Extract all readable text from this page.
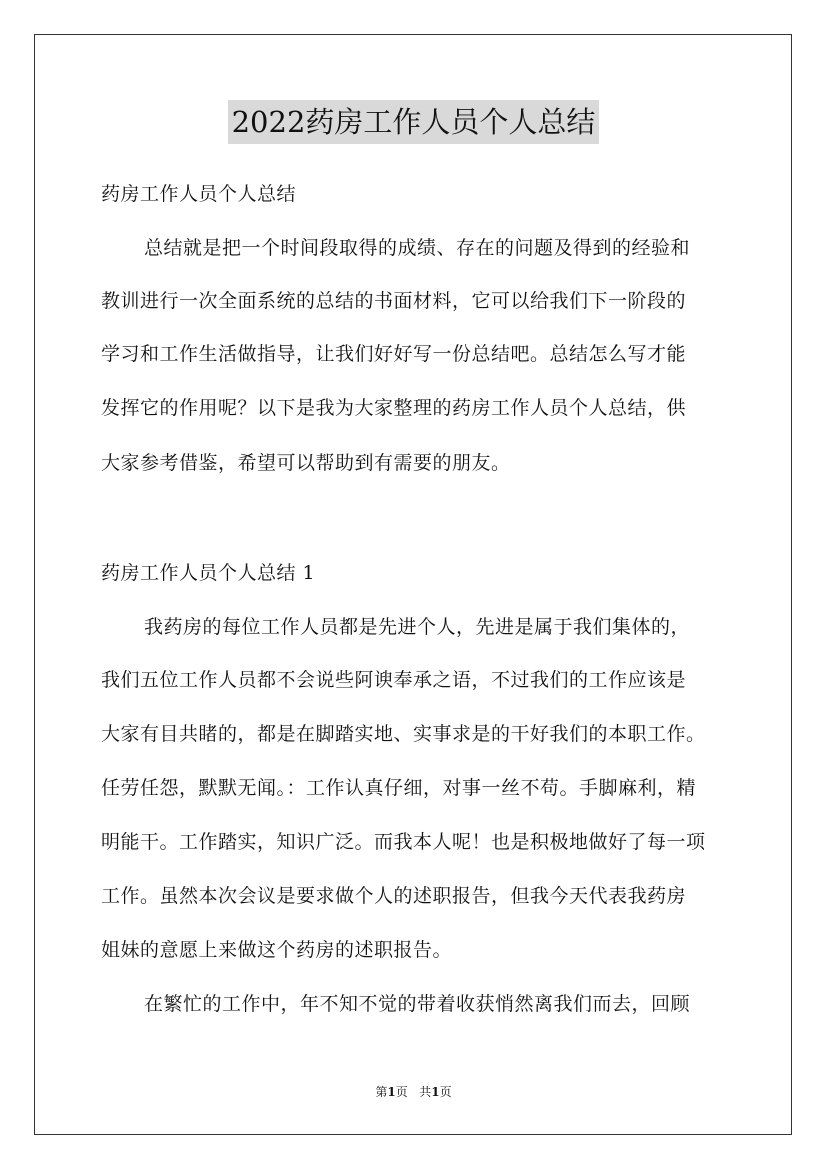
2022药房工作人员个人总结
药房工作人员个人总结
总结就是把一个时间段取得的成绩、存在的问题及得到的经验和
教训进行一次全面系统的总结的书面材料，它可以给我们下一阶段的
学习和工作生活做指导，让我们好好写一份总结吧。总结怎么写才能
发挥它的作用呢？以下是我为大家整理的药房工作人员个人总结，供
大家参考借鉴，希望可以帮助到有需要的朋友。
药房工作人员个人总结 1
我药房的每位工作人员都是先进个人，先进是属于我们集体的，
我们五位工作人员都不会说些阿谀奉承之语，不过我们的工作应该是
大家有目共睹的，都是在脚踏实地、实事求是的干好我们的本职工作。
任劳任怨，默默无闻。：工作认真仔细，对事一丝不苟。手脚麻利，精
明能干。工作踏实，知识广泛。而我本人呢！也是积极地做好了每一项
工作。虽然本次会议是要求做个人的述职报告，但我今天代表我药房
姐妹的意愿上来做这个药房的述职报告。
在繁忙的工作中，年不知不觉的带着收获悄然离我们而去，回顾
第1页   共1页
